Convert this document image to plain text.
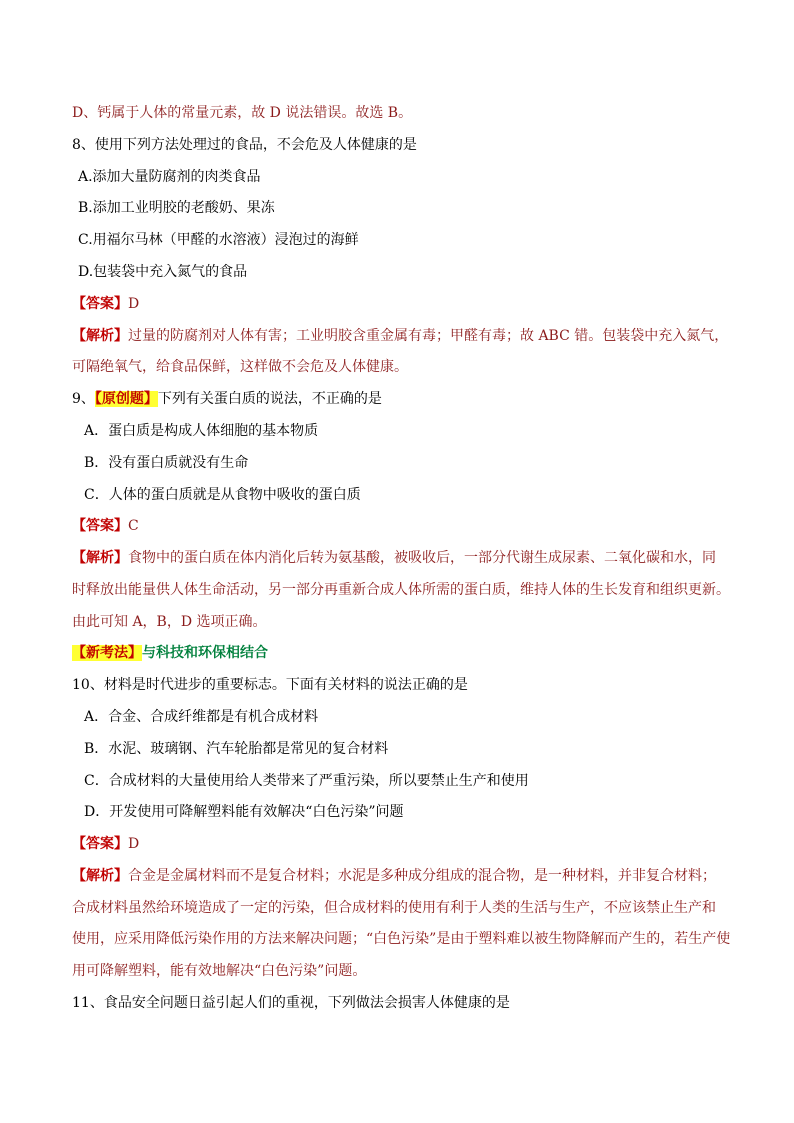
D、钙属于人体的常量元素，故 D 说法错误。故选 B。
8、使用下列方法处理过的食品，不会危及人体健康的是
A.添加大量防腐剂的肉类食品
B.添加工业明胶的老酸奶、果冻
C.用福尔马林（甲醛的水溶液）浸泡过的海鲜
D.包装袋中充入氮气的食品
【答案】D
【解析】过量的防腐剂对人体有害；工业明胶含重金属有毒；甲醛有毒；故 ABC 错。包装袋中充入氮气，
可隔绝氧气，给食品保鲜，这样做不会危及人体健康。
9、【原创题】下列有关蛋白质的说法，不正确的是
A．蛋白质是构成人体细胞的基本物质
B．没有蛋白质就没有生命
C．人体的蛋白质就是从食物中吸收的蛋白质
【答案】C
【解析】食物中的蛋白质在体内消化后转为氨基酸，被吸收后，一部分代谢生成尿素、二氧化碳和水，同
时释放出能量供人体生命活动，另一部分再重新合成人体所需的蛋白质，维持人体的生长发育和组织更新。
由此可知 A，B，D 选项正确。
【新考法】与科技和环保相结合
10、材料是时代进步的重要标志。下面有关材料的说法正确的是
A．合金、合成纤维都是有机合成材料
B．水泥、玻璃钢、汽车轮胎都是常见的复合材料
C．合成材料的大量使用给人类带来了严重污染，所以要禁止生产和使用
D．开发使用可降解塑料能有效解决“白色污染”问题
【答案】D
【解析】合金是金属材料而不是复合材料；水泥是多种成分组成的混合物，是一种材料，并非复合材料；
合成材料虽然给环境造成了一定的污染，但合成材料的使用有利于人类的生活与生产，不应该禁止生产和
使用，应采用降低污染作用的方法来解决问题；“白色污染”是由于塑料难以被生物降解而产生的，若生产使
用可降解塑料，能有效地解决“白色污染”问题。
11、食品安全问题日益引起人们的重视，下列做法会损害人体健康的是
